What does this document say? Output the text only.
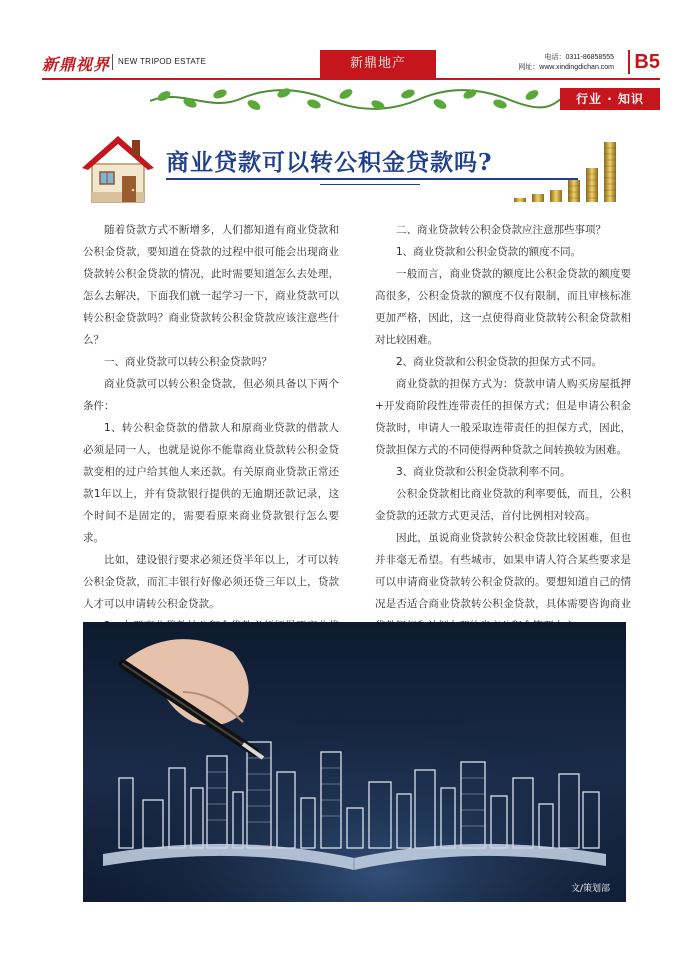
新鼎视界 NEW TRIPOD ESTATE	新鼎地产	电话：0311-86858555
网址：www.xindingdichan.com	B5
行业 · 知识
商业贷款可以转公积金贷款吗?

随着贷款方式不断增多，人们都知道有商业贷款和公积金贷款，要知道在贷款的过程中很可能会出现商业贷款转公积金贷款的情况，此时需要知道怎么去处理，怎么去解决，下面我们就一起学习一下，商业贷款可以转公积金贷款吗？商业贷款转公积金贷款应该注意些什么？

一、商业贷款可以转公积金贷款吗？

商业贷款可以转公积金贷款，但必须具备以下两个条件：

1、转公积金贷款的借款人和原商业贷款的借款人必须是同一人，也就是说你不能靠商业贷款转公积金贷款变相的过户给其他人来还款。有关原商业贷款正常还款1年以上，并有贷款银行提供的无逾期还款记录，这个时间不是固定的，需要看原来商业贷款银行怎么要求。

比如，建设银行要求必须还贷半年以上，才可以转公积金贷款，而汇丰银行好像必须还贷三年以上，贷款人才可以申请转公积金贷款。

二、商业贷款转公积金贷款应注意那些事项？

1、商业贷款和公积金贷款的额度不同。

一般而言，商业贷款的额度比公积金贷款的额度要高很多，公积金贷款的额度不仅有限制，而且审核标准更加严格，因此，这一点使得商业贷款转公积金贷款相对比较困难。

2、商业贷款和公积金贷款的担保方式不同。

商业贷款的担保方式为：贷款申请人购买房屋抵押+开发商阶段性连带责任的担保方式；但是申请公积金贷款时，申请人一般采取连带责任的担保方式，因此，贷款担保方式的不同使得两种贷款之间转换较为困难。

3、商业贷款和公积金贷款利率不同。

公积金贷款相比商业贷款的利率要低，而且，公积金贷款的还款方式更灵活，首付比例相对较高。

因此，虽说商业贷款转公积金贷款比较困难，但也并非毫无希望。有些城市，如果申请人符合某些要求是可以申请商业贷款转公积金贷款的。要想知道自己的情况是否适合商业贷款转公积金贷款，具体需要咨询商业

文/策划部
